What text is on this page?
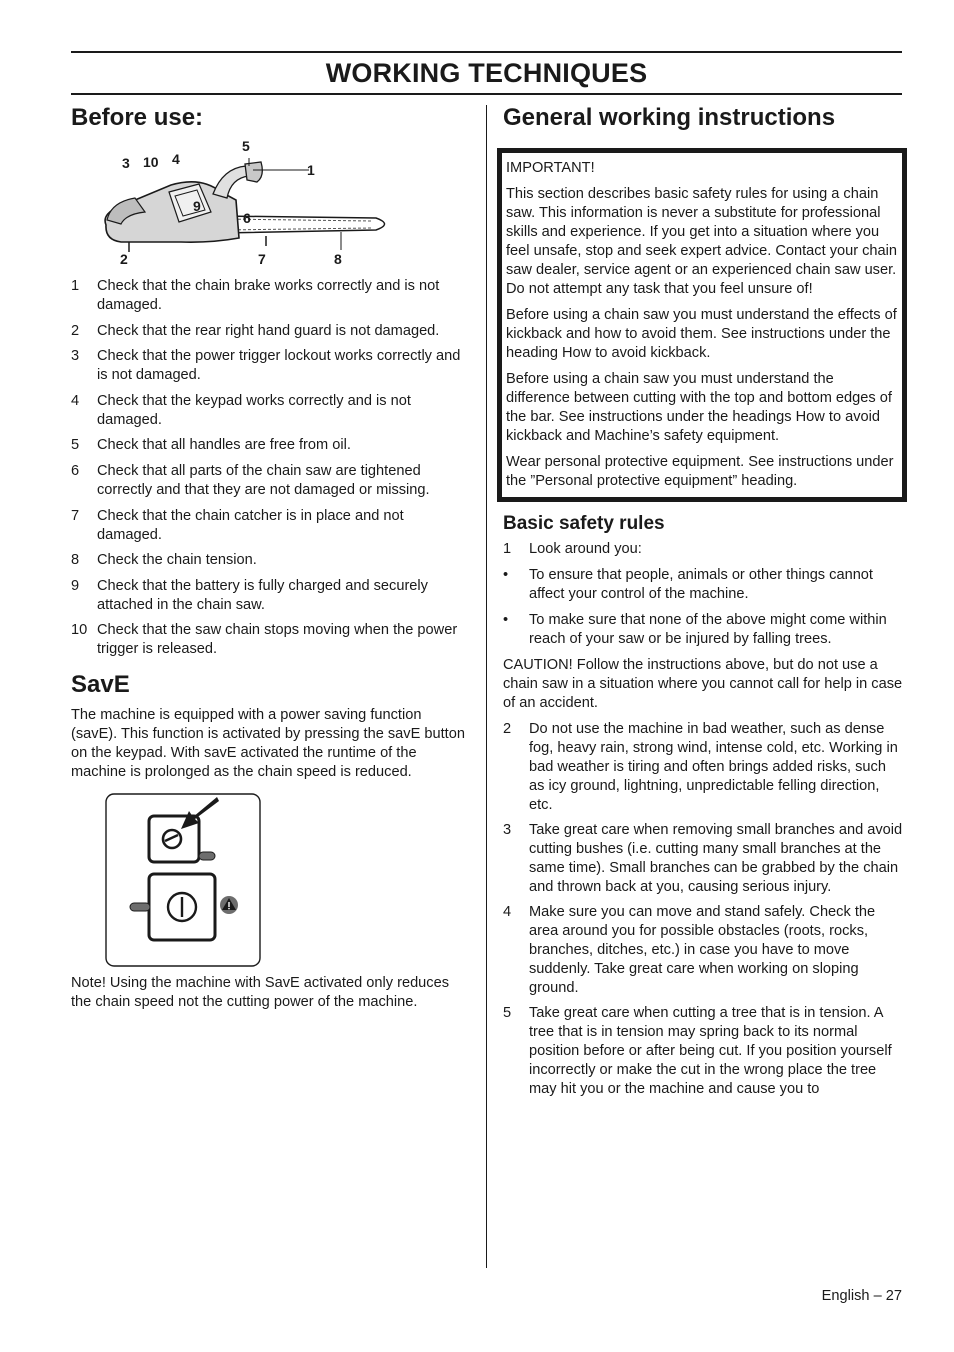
WORKING TECHNIQUES
Before use:
3 10 4
5
1
9
6
2	7	8
1	Check that the chain brake works correctly and is not damaged.
2	Check that the rear right hand guard is not damaged.
3	Check that the power trigger lockout works correctly and is not damaged.
4	Check that the keypad works correctly and is not damaged.
5	Check that all handles are free from oil.
6	Check that all parts of the chain saw are tightened correctly and that they are not damaged or missing.
7	Check that the chain catcher is in place and not damaged.
8	Check the chain tension.
9	Check that the battery is fully charged and securely attached in the chain saw.
10 Check that the saw chain stops moving when the power trigger is released.
SavE

The machine is equipped with a power saving function (savE). This function is activated by pressing the savE button on the keypad. With savE activated the runtime of the machine is prolonged as the chain speed is reduced.

Note! Using the machine with SavE activated only reduces the chain speed not the cutting power of the machine.

General working instructions

IMPORTANT!

This section describes basic safety rules for using a chain saw. This information is never a substitute for professional skills and experience. If you get into a situation where you feel unsafe, stop and seek expert advice. Contact your chain saw dealer, service agent or an experienced chain saw user. Do not attempt any task that you feel unsure of!

Before using a chain saw you must understand the effects of kickback and how to avoid them. See instructions under the heading How to avoid kickback.

Before using a chain saw you must understand the difference between cutting with the top and bottom edges of the bar. See instructions under the headings How to avoid kickback and Machine’s safety equipment.

Wear personal protective equipment. See instructions under the ”Personal protective equipment” heading.

Basic safety rules
1	Look around you:
•	To ensure that people, animals or other things cannot affect your control of the machine.
•	To make sure that none of the above might come within reach of your saw or be injured by falling trees.

CAUTION! Follow the instructions above, but do not use a chain saw in a situation where you cannot call for help in case of an accident.

2	Do not use the machine in bad weather, such as dense fog, heavy rain, strong wind, intense cold, etc. Working in bad weather is tiring and often brings added risks, such as icy ground, lightning, unpredictable felling direction, etc.
3	Take great care when removing small branches and avoid cutting bushes (i.e. cutting many small branches at the same time). Small branches can be grabbed by the chain and thrown back at you, causing serious injury.
4	Make sure you can move and stand safely. Check the area around you for possible obstacles (roots, rocks, branches, ditches, etc.) in case you have to move suddenly. Take great care when working on sloping ground.
5	Take great care when cutting a tree that is in tension. A tree that is in tension may spring back to its normal position before or after being cut. If you position yourself incorrectly or make the cut in the wrong place the tree may hit you or the machine and cause you to
English – 27
